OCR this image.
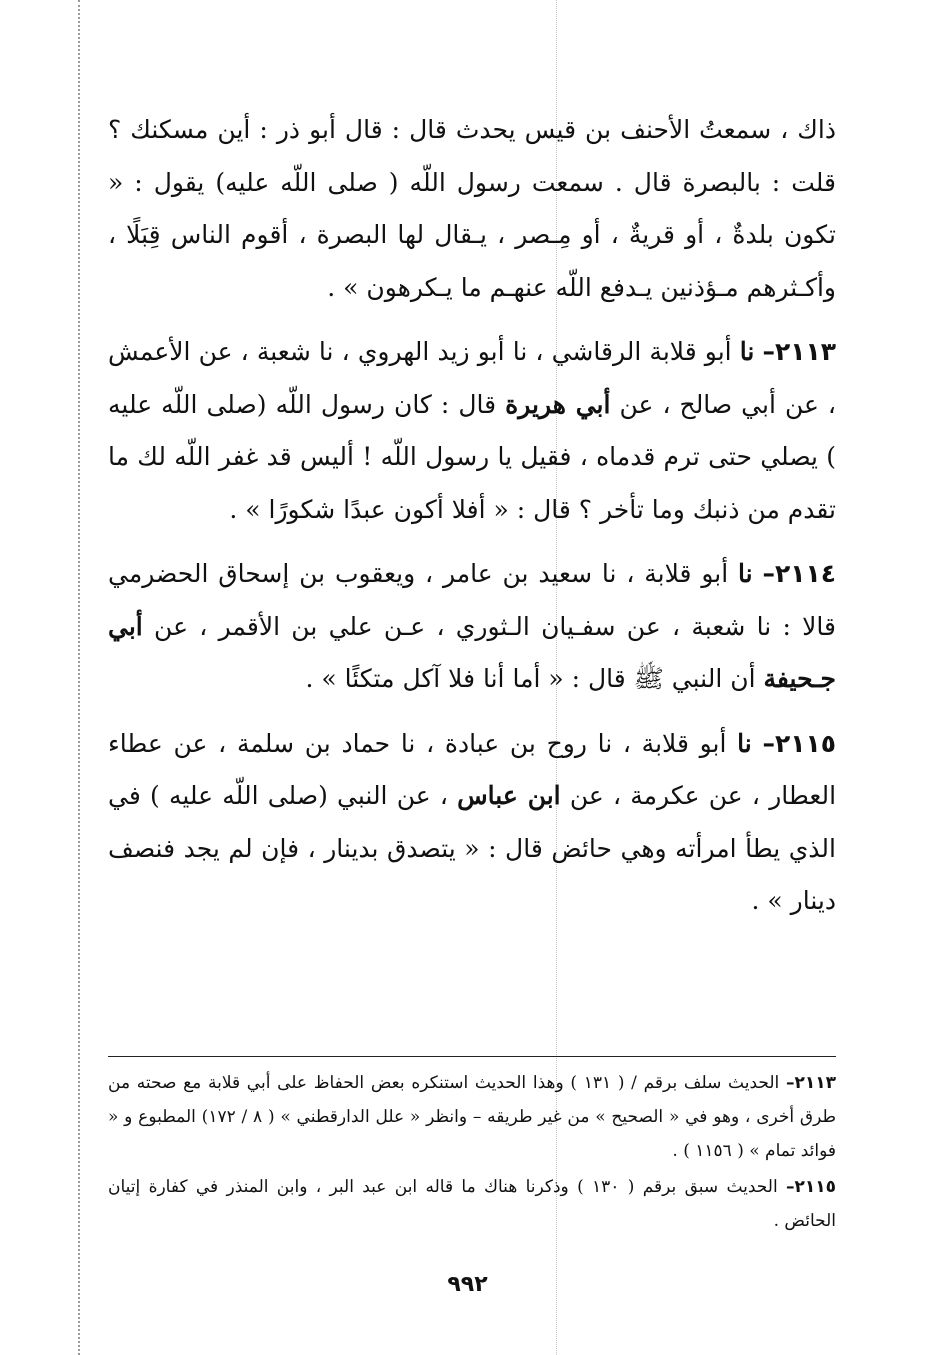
ذاك ، سمعتُ الأحنف بن قيس يحدث قال : قال أبو ذر : أين مسكنك ؟ قلت : بالبصرة قال . سمعت رسول اللّه ( صلى اللّه عليه) يقول : « تكون بلدةٌ ، أو قريةٌ ، أو مِـصر ، يـقال لها البصرة ، أقوم الناس قِبَلًا ، وأكـثرهم مـؤذنين يـدفع اللّه عنهـم ما يـكرهون » .

٢١١٣– نا أبو قلابة الرقاشي ، نا أبو زيد الهروي ، نا شعبة ، عن الأعمش ، عن أبي صالح ، عن أبي هريرة قال : كان رسول اللّه (صلى اللّه عليه ) يصلي حتى ترم قدماه ، فقيل يا رسول اللّه ! أليس قد غفر اللّه لك ما تقدم من ذنبك وما تأخر ؟ قال : « أفلا أكون عبدًا شكورًا » .

٢١١٤– نا أبو قلابة ، نا سعيد بن عامر ، ويعقوب بن إسحاق الحضرمي قالا : نا شعبة ، عن سفـيان الـثوري ، عـن علي بن الأقمر ، عن أبي جـحيفة أن النبي ﷺ قال : « أما أنا فلا آكل متكئًا » .

٢١١٥– نا أبو قلابة ، نا روح بن عبادة ، نا حماد بن سلمة ، عن عطاء العطار ، عن عكرمة ، عن ابن عباس ، عن النبي (صلى اللّه عليه ) في الذي يطأ امرأته وهي حائض قال : « يتصدق بدينار ، فإن لم يجد فنصف دينار » .

٢١١٣– الحديث سلف برقم / ( ١٣١ ) وهذا الحديث استنكره بعض الحفاظ على أبي قلابة مع صحته من طرق أخرى ، وهو في « الصحيح » من غير طريقه – وانظر « علل الدارقطني » ( ٨ / ١٧٢) المطبوع و « فوائد تمام » ( ١١٥٦ ) .

٢١١٥– الحديث سبق برقم ( ١٣٠ ) وذكرنا هناك ما قاله ابن عبد البر ، وابن المنذر في كفارة إتيان الحائض .

٩٩٢
